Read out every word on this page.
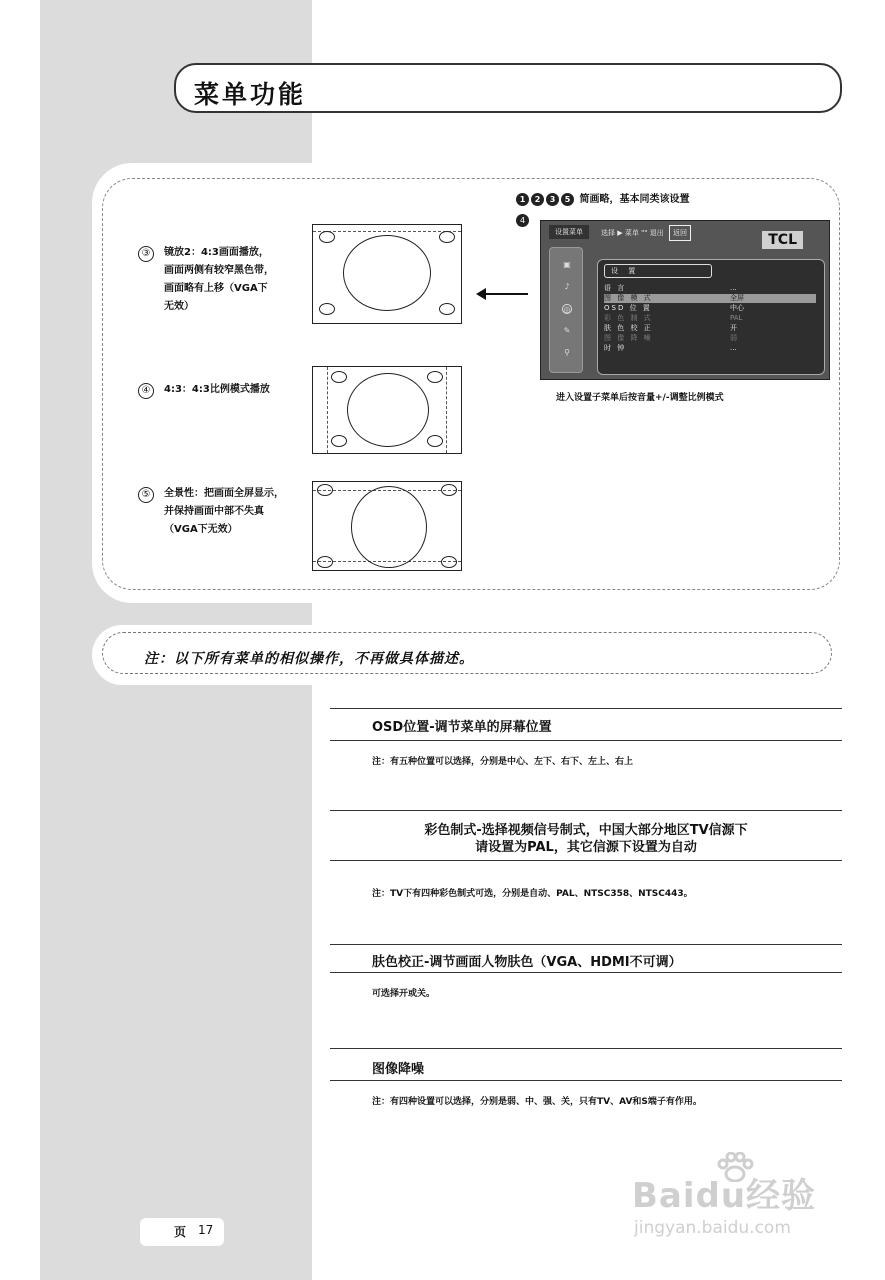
菜单功能
③	镜放2：4:3画面播放，
画面两侧有较窄黑色带，
画面略有上移（VGA下
无效）
④	4:3：4:3比例模式播放
⑤	全景性：把画面全屏显示，
并保持画面中部不失真
（VGA下无效）
1 2 3 5 简画略，基本同类该设置
4
设置菜单	选择 ▶ 菜单 "" 退出 返回	TCL
▣
♪
◎
✎
⚲
设 置
语 言	...
图 像 模 式	全屏
OSD 位 置	中心
彩 色 制 式	PAL
肤 色 校 正	开
图 像 降 噪	弱
时 钟	...
进入设置子菜单后按音量+/-调整比例模式
注：以下所有菜单的相似操作，不再做具体描述。
OSD位置-调节菜单的屏幕位置
注：有五种位置可以选择，分别是中心、左下、右下、左上、右上
彩色制式-选择视频信号制式，中国大部分地区TV信源下
请设置为PAL，其它信源下设置为自动
注：TV下有四种彩色制式可选，分别是自动、PAL、NTSC358、NTSC443。
肤色校正-调节画面人物肤色（VGA、HDMI不可调）
可选择开或关。
图像降噪
注：有四种设置可以选择，分别是弱、中、强、关，只有TV、AV和S端子有作用。
页 17
Baidu经验
jingyan.baidu.com
